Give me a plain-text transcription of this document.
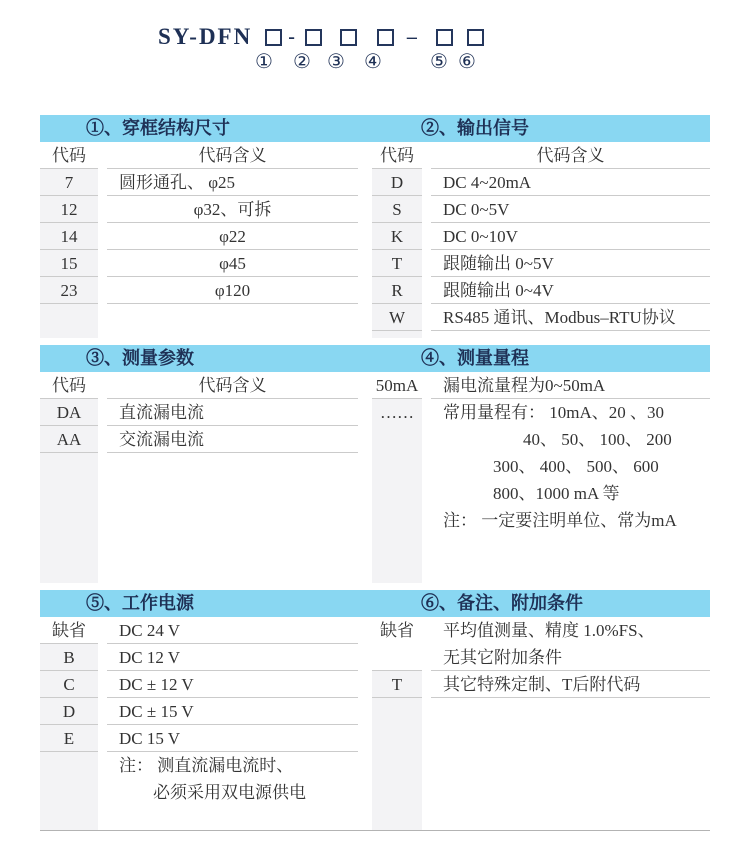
SY-DFN -	–
① ② ③ ④ ⑤ ⑥
①、穿框结构尺寸	②、输出信号
代码	代码含义
7	圆形通孔、 φ25
12	φ32、可拆
14	φ22
15	φ45
23	φ120
代码	代码含义
D	DC 4~20mA
S	DC 0~5V
K	DC 0~10V
T	跟随输出 0~5V
R	跟随输出 0~4V
W	RS485 通讯、Modbus–RTU协议
③、测量参数	④、测量量程
代码	代码含义
DA	直流漏电流
AA	交流漏电流
50mA	漏电流量程为0~50mA
……	常用量程有： 10mA、20 、30
40、 50、 100、 200
300、 400、 500、 600
800、1000 mA 等
注： 一定要注明单位、常为mA
⑤、工作电源	⑥、备注、附加条件
缺省	DC 24 V
B	DC 12 V
C	DC ± 12 V
D	DC ± 15 V
E	DC 15 V
注： 测直流漏电流时、
必须采用双电源供电
缺省	平均值测量、精度 1.0%FS、
无其它附加条件
T	其它特殊定制、T后附代码
